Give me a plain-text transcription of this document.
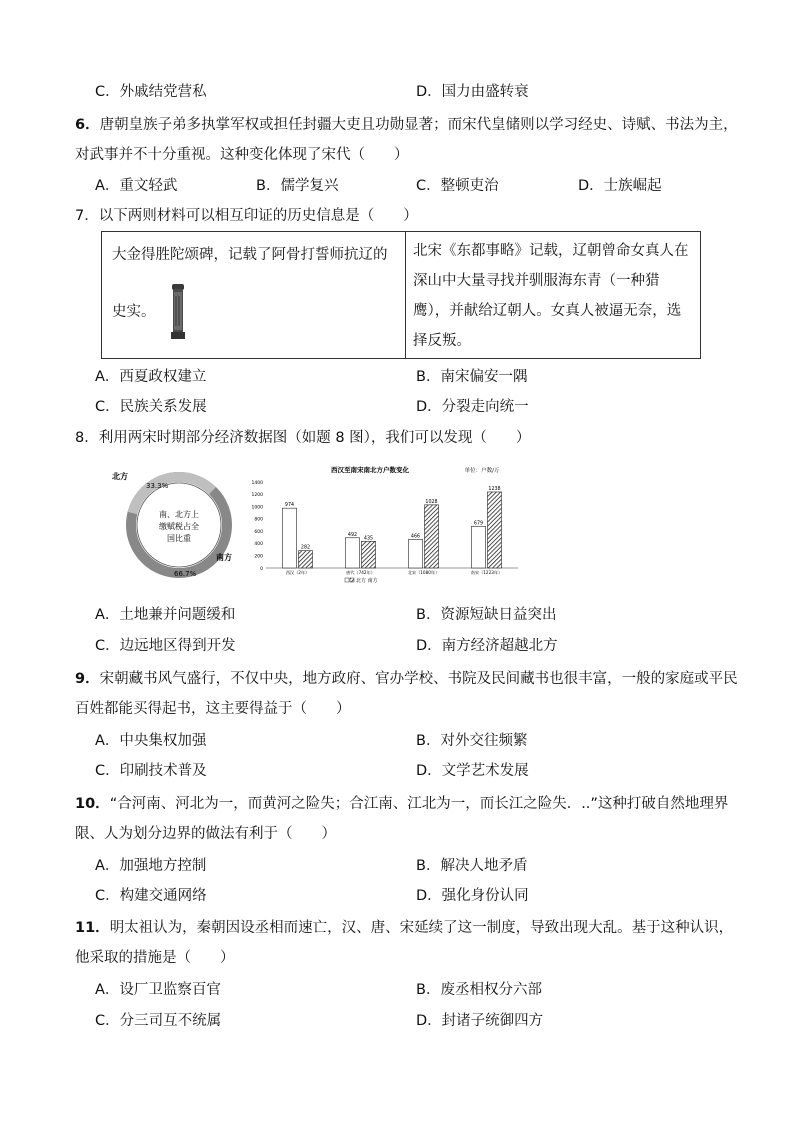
C．外戚结党营私	D．国力由盛转衰
6．唐朝皇族子弟多执掌军权或担任封疆大吏且功勋显著；而宋代皇储则以学习经史、诗赋、书法为主，
对武事并不十分重视。这种变化体现了宋代（　　）
A．重文轻武	B．儒学复兴	C．整顿吏治	D．士族崛起
7．以下两则材料可以相互印证的历史信息是（　　）
大金得胜陀颂碑，记载了阿骨打誓师抗辽的
史实。
北宋《东都事略》记载，辽朝曾命女真人在
深山中大量寻找并驯服海东青（一种猎
鹰），并献给辽朝人。女真人被逼无奈，选
择反叛。
A．西夏政权建立	B．南宋偏安一隅
C．民族关系发展	D．分裂走向统一
8．利用两宋时期部分经济数据图（如题 8 图），我们可以发现（　　）
北方
33.3%
南方
66.7%
南、北方上
缴赋税占全
国比重
西汉至南宋南北方户数变化	单位：户数/万
0
200
400
600
800
1000
1200
1400
974
282
492
435	466
1028
679
1238
西汉（2年）	唐代（742年）	北宋（1080年）	南宋（1223年）
北方 南方
A．土地兼并问题缓和	B．资源短缺日益突出
C．边远地区得到开发	D．南方经济超越北方
9．宋朝藏书风气盛行，不仅中央，地方政府、官办学校、书院及民间藏书也很丰富，一般的家庭或平民
百姓都能买得起书，这主要得益于（　　）
A．中央集权加强	B．对外交往频繁
C．印刷技术普及	D．文学艺术发展
10．“合河南、河北为一，而黄河之险失；合江南、江北为一，而长江之险失．..”这种打破自然地理界
限、人为划分边界的做法有利于（　　）
A．加强地方控制	B．解决人地矛盾
C．构建交通网络	D．强化身份认同
11．明太祖认为，秦朝因设丞相而速亡，汉、唐、宋延续了这一制度，导致出现大乱。基于这种认识，
他采取的措施是（　　）
A．设厂卫监察百官	B．废丞相权分六部
C．分三司互不统属	D．封诸子统御四方
